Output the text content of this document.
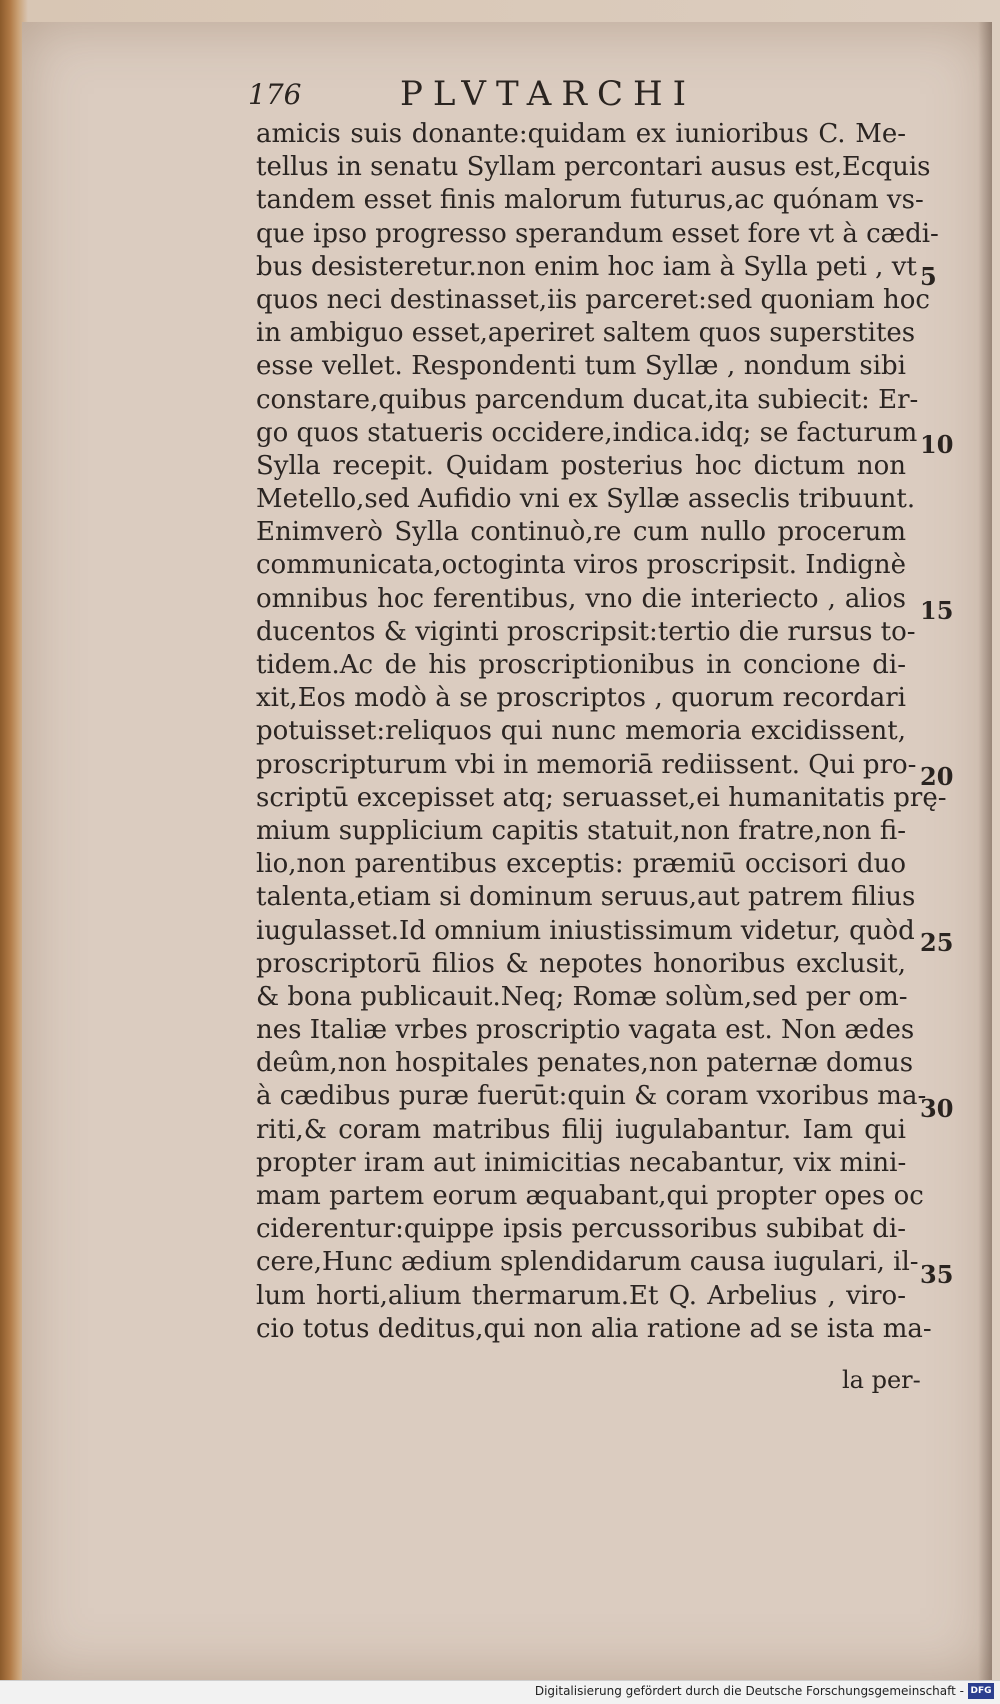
176	PLVTARCHI
amicis suis donante:quidam ex iunioribus C. Me-
tellus in senatu Syllam percontari ausus est,Ecquis
tandem esset finis malorum futurus,ac quónam vs-
que ipso progresso sperandum esset fore vt à cædi-
bus desisteretur.non enim hoc iam à Sylla peti , vt
quos neci destinasset,iis parceret:sed quoniam hoc
in ambiguo esset,aperiret saltem quos superstites
esse vellet. Respondenti tum Syllæ , nondum sibi
constare,quibus parcendum ducat,ita subiecit: Er-
go quos statueris occidere,indica.idq; se facturum
Sylla recepit. Quidam posterius hoc dictum non
Metello,sed Aufidio vni ex Syllæ asseclis tribuunt.
Enimverò Sylla continuò,re cum nullo procerum
communicata,octoginta viros proscripsit. Indignè
omnibus hoc ferentibus, vno die interiecto , alios
ducentos & viginti proscripsit:tertio die rursus to-
tidem.Ac de his proscriptionibus in concione di-
xit,Eos modò à se proscriptos , quorum recordari
potuisset:reliquos qui nunc memoria excidissent,
proscripturum vbi in memoriā rediissent. Qui pro-
scriptū excepisset atq; seruasset,ei humanitatis prę-
mium supplicium capitis statuit,non fratre,non fi-
lio,non parentibus exceptis: præmiū occisori duo
talenta,etiam si dominum seruus,aut patrem filius
iugulasset.Id omnium iniustissimum videtur, quòd
proscriptorū filios & nepotes honoribus exclusit,
& bona publicauit.Neq; Romæ solùm,sed per om-
nes Italiæ vrbes proscriptio vagata est. Non ædes
deûm,non hospitales penates,non paternæ domus
à cædibus puræ fuerūt:quin & coram vxoribus ma-
riti,& coram matribus filij iugulabantur. Iam qui
propter iram aut inimicitias necabantur, vix mini-
mam partem eorum æquabant,qui propter opes oc
ciderentur:quippe ipsis percussoribus subibat di-
cere,Hunc ædium splendidarum causa iugulari, il-
lum horti,alium thermarum.Et Q. Arbelius , viro-
cio totus deditus,qui non alia ratione ad se ista ma-
5
10
15
20
25
30
35
la per-
Digitalisierung gefördert durch die Deutsche Forschungsgemeinschaft - DFG
